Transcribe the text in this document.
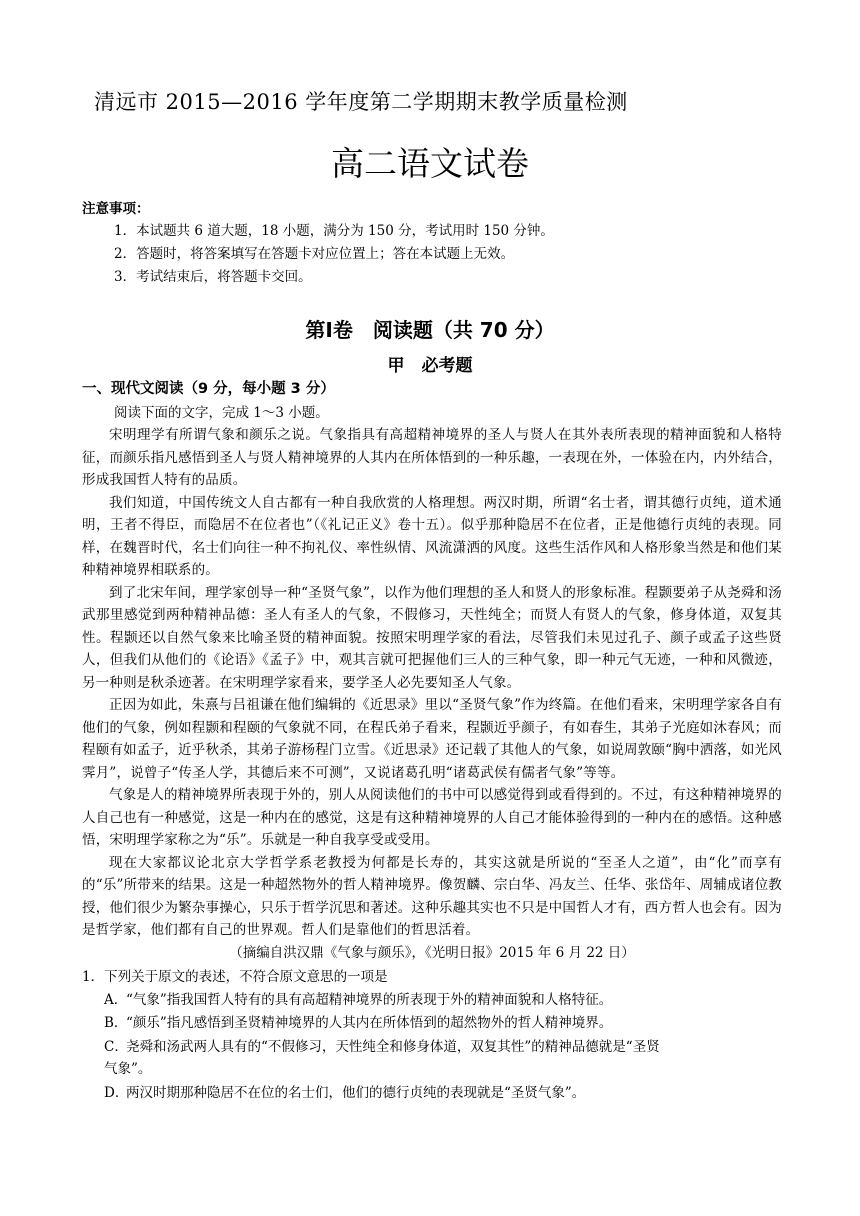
清远市 2015—2016 学年度第二学期期末教学质量检测
高二语文试卷
注意事项：
1．本试题共 6 道大题，18 小题，满分为 150 分，考试用时 150 分钟。
2．答题时，将答案填写在答题卡对应位置上；答在本试题上无效。
3．考试结束后，将答题卡交回。
第Ⅰ卷　阅读题（共 70 分）
甲　必考题
一、现代文阅读（9 分，每小题 3 分）
阅读下面的文字，完成 1～3 小题。

宋明理学有所谓气象和颜乐之说。气象指具有高超精神境界的圣人与贤人在其外表所表现的精神面貌和人格特征，而颜乐指凡感悟到圣人与贤人精神境界的人其内在所体悟到的一种乐趣，一表现在外，一体验在内，内外结合，形成我国哲人特有的品质。

我们知道，中国传统文人自古都有一种自我欣赏的人格理想。两汉时期，所谓“名士者，谓其德行贞纯，道术通明，王者不得臣，而隐居不在位者也”（《礼记正义》卷十五）。似乎那种隐居不在位者，正是他德行贞纯的表现。同样，在魏晋时代，名士们向往一种不拘礼仪、率性纵情、风流潇洒的风度。这些生活作风和人格形象当然是和他们某种精神境界相联系的。

到了北宋年间，理学家创导一种“圣贤气象”，以作为他们理想的圣人和贤人的形象标准。程颢要弟子从尧舜和汤武那里感觉到两种精神品德：圣人有圣人的气象，不假修习，天性纯全；而贤人有贤人的气象，修身体道，双复其性。程颢还以自然气象来比喻圣贤的精神面貌。按照宋明理学家的看法，尽管我们未见过孔子、颜子或孟子这些贤人，但我们从他们的《论语》《孟子》中，观其言就可把握他们三人的三种气象，即一种元气无迹，一种和风微迹，另一种则是秋杀迹著。在宋明理学家看来，要学圣人必先要知圣人气象。

正因为如此，朱熹与吕祖谦在他们编辑的《近思录》里以“圣贤气象”作为终篇。在他们看来，宋明理学家各自有他们的气象，例如程颢和程颐的气象就不同，在程氏弟子看来，程颢近乎颜子，有如春生，其弟子光庭如沐春风；而程颐有如孟子，近乎秋杀，其弟子游杨程门立雪。《近思录》还记载了其他人的气象，如说周敦颐“胸中洒落，如光风霁月”，说曾子“传圣人学，其德后来不可测”，又说诸葛孔明“诸葛武侯有儒者气象”等等。

气象是人的精神境界所表现于外的，别人从阅读他们的书中可以感觉得到或看得到的。不过，有这种精神境界的人自己也有一种感觉，这是一种内在的感觉，这是有这种精神境界的人自己才能体验得到的一种内在的感悟。这种感悟，宋明理学家称之为“乐”。乐就是一种自我享受或受用。

现在大家都议论北京大学哲学系老教授为何都是长寿的，其实这就是所说的“至圣人之道”，由“化”而享有的“乐”所带来的结果。这是一种超然物外的哲人精神境界。像贺麟、宗白华、冯友兰、任华、张岱年、周辅成诸位教授，他们很少为繁杂事操心，只乐于哲学沉思和著述。这种乐趣其实也不只是中国哲人才有，西方哲人也会有。因为是哲学家，他们都有自己的世界观。哲人们是靠他们的哲思活着。

（摘编自洪汉鼎《气象与颜乐》，《光明日报》2015 年 6 月 22 日）

1．下列关于原文的表述，不符合原文意思的一项是

A．“气象”指我国哲人特有的具有高超精神境界的所表现于外的精神面貌和人格特征。

B．“颜乐”指凡感悟到圣贤精神境界的人其内在所体悟到的超然物外的哲人精神境界。

C．尧舜和汤武两人具有的“不假修习，天性纯全和修身体道，双复其性”的精神品德就是“圣贤气象”。

D．两汉时期那种隐居不在位的名士们，他们的德行贞纯的表现就是“圣贤气象”。
